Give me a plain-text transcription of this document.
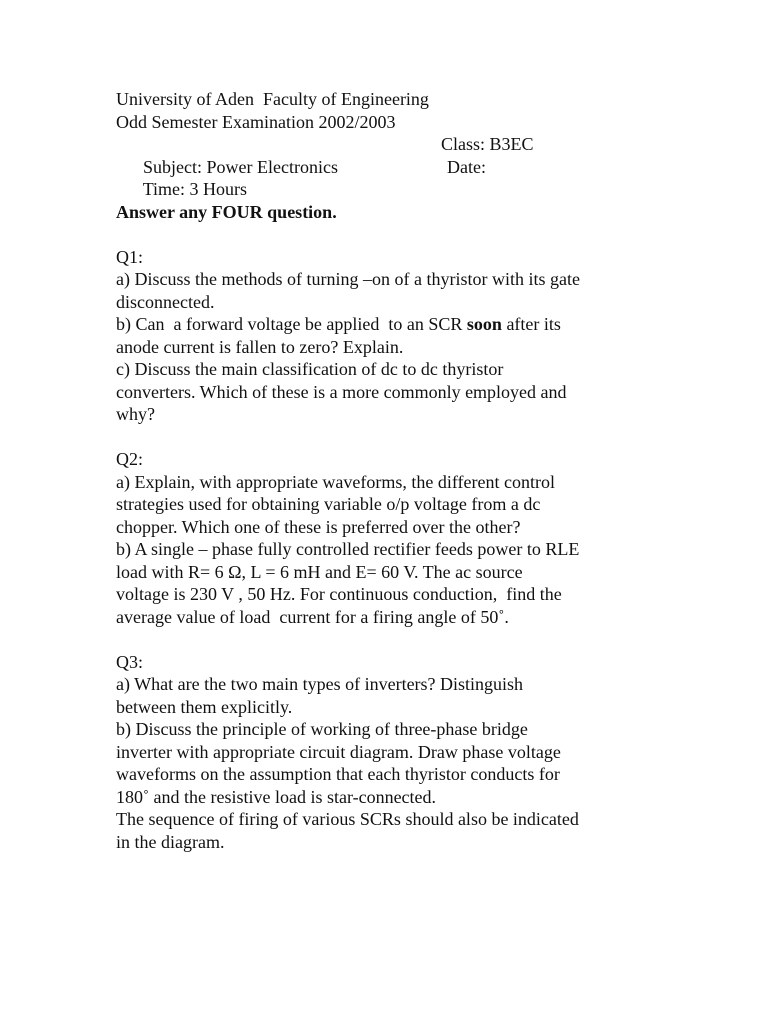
University of Aden  Faculty of Engineering
Odd Semester Examination 2002/2003

Subject: Power Electronics

Class: B3EC

Time: 3 Hours

Date:

Answer any FOUR question.
Q1:
a) Discuss the methods of turning –on of a thyristor with its gate
disconnected.
b) Can  a forward voltage be applied  to an SCR soon after its
anode current is fallen to zero? Explain.
c) Discuss the main classification of dc to dc thyristor
converters. Which of these is a more commonly employed and
why?
Q2:
a) Explain, with appropriate waveforms, the different control
strategies used for obtaining variable o/p voltage from a dc
chopper. Which one of these is preferred over the other?
b) A single – phase fully controlled rectifier feeds power to RLE
load with R= 6 Ω, L = 6 mH and E= 60 V. The ac source
voltage is 230 V , 50 Hz. For continuous conduction,  find the
average value of load  current for a firing angle of 50˚.
Q3:
a) What are the two main types of inverters? Distinguish
between them explicitly.
b) Discuss the principle of working of three-phase bridge
inverter with appropriate circuit diagram. Draw phase voltage
waveforms on the assumption that each thyristor conducts for
180˚ and the resistive load is star-connected.
The sequence of firing of various SCRs should also be indicated
in the diagram.
